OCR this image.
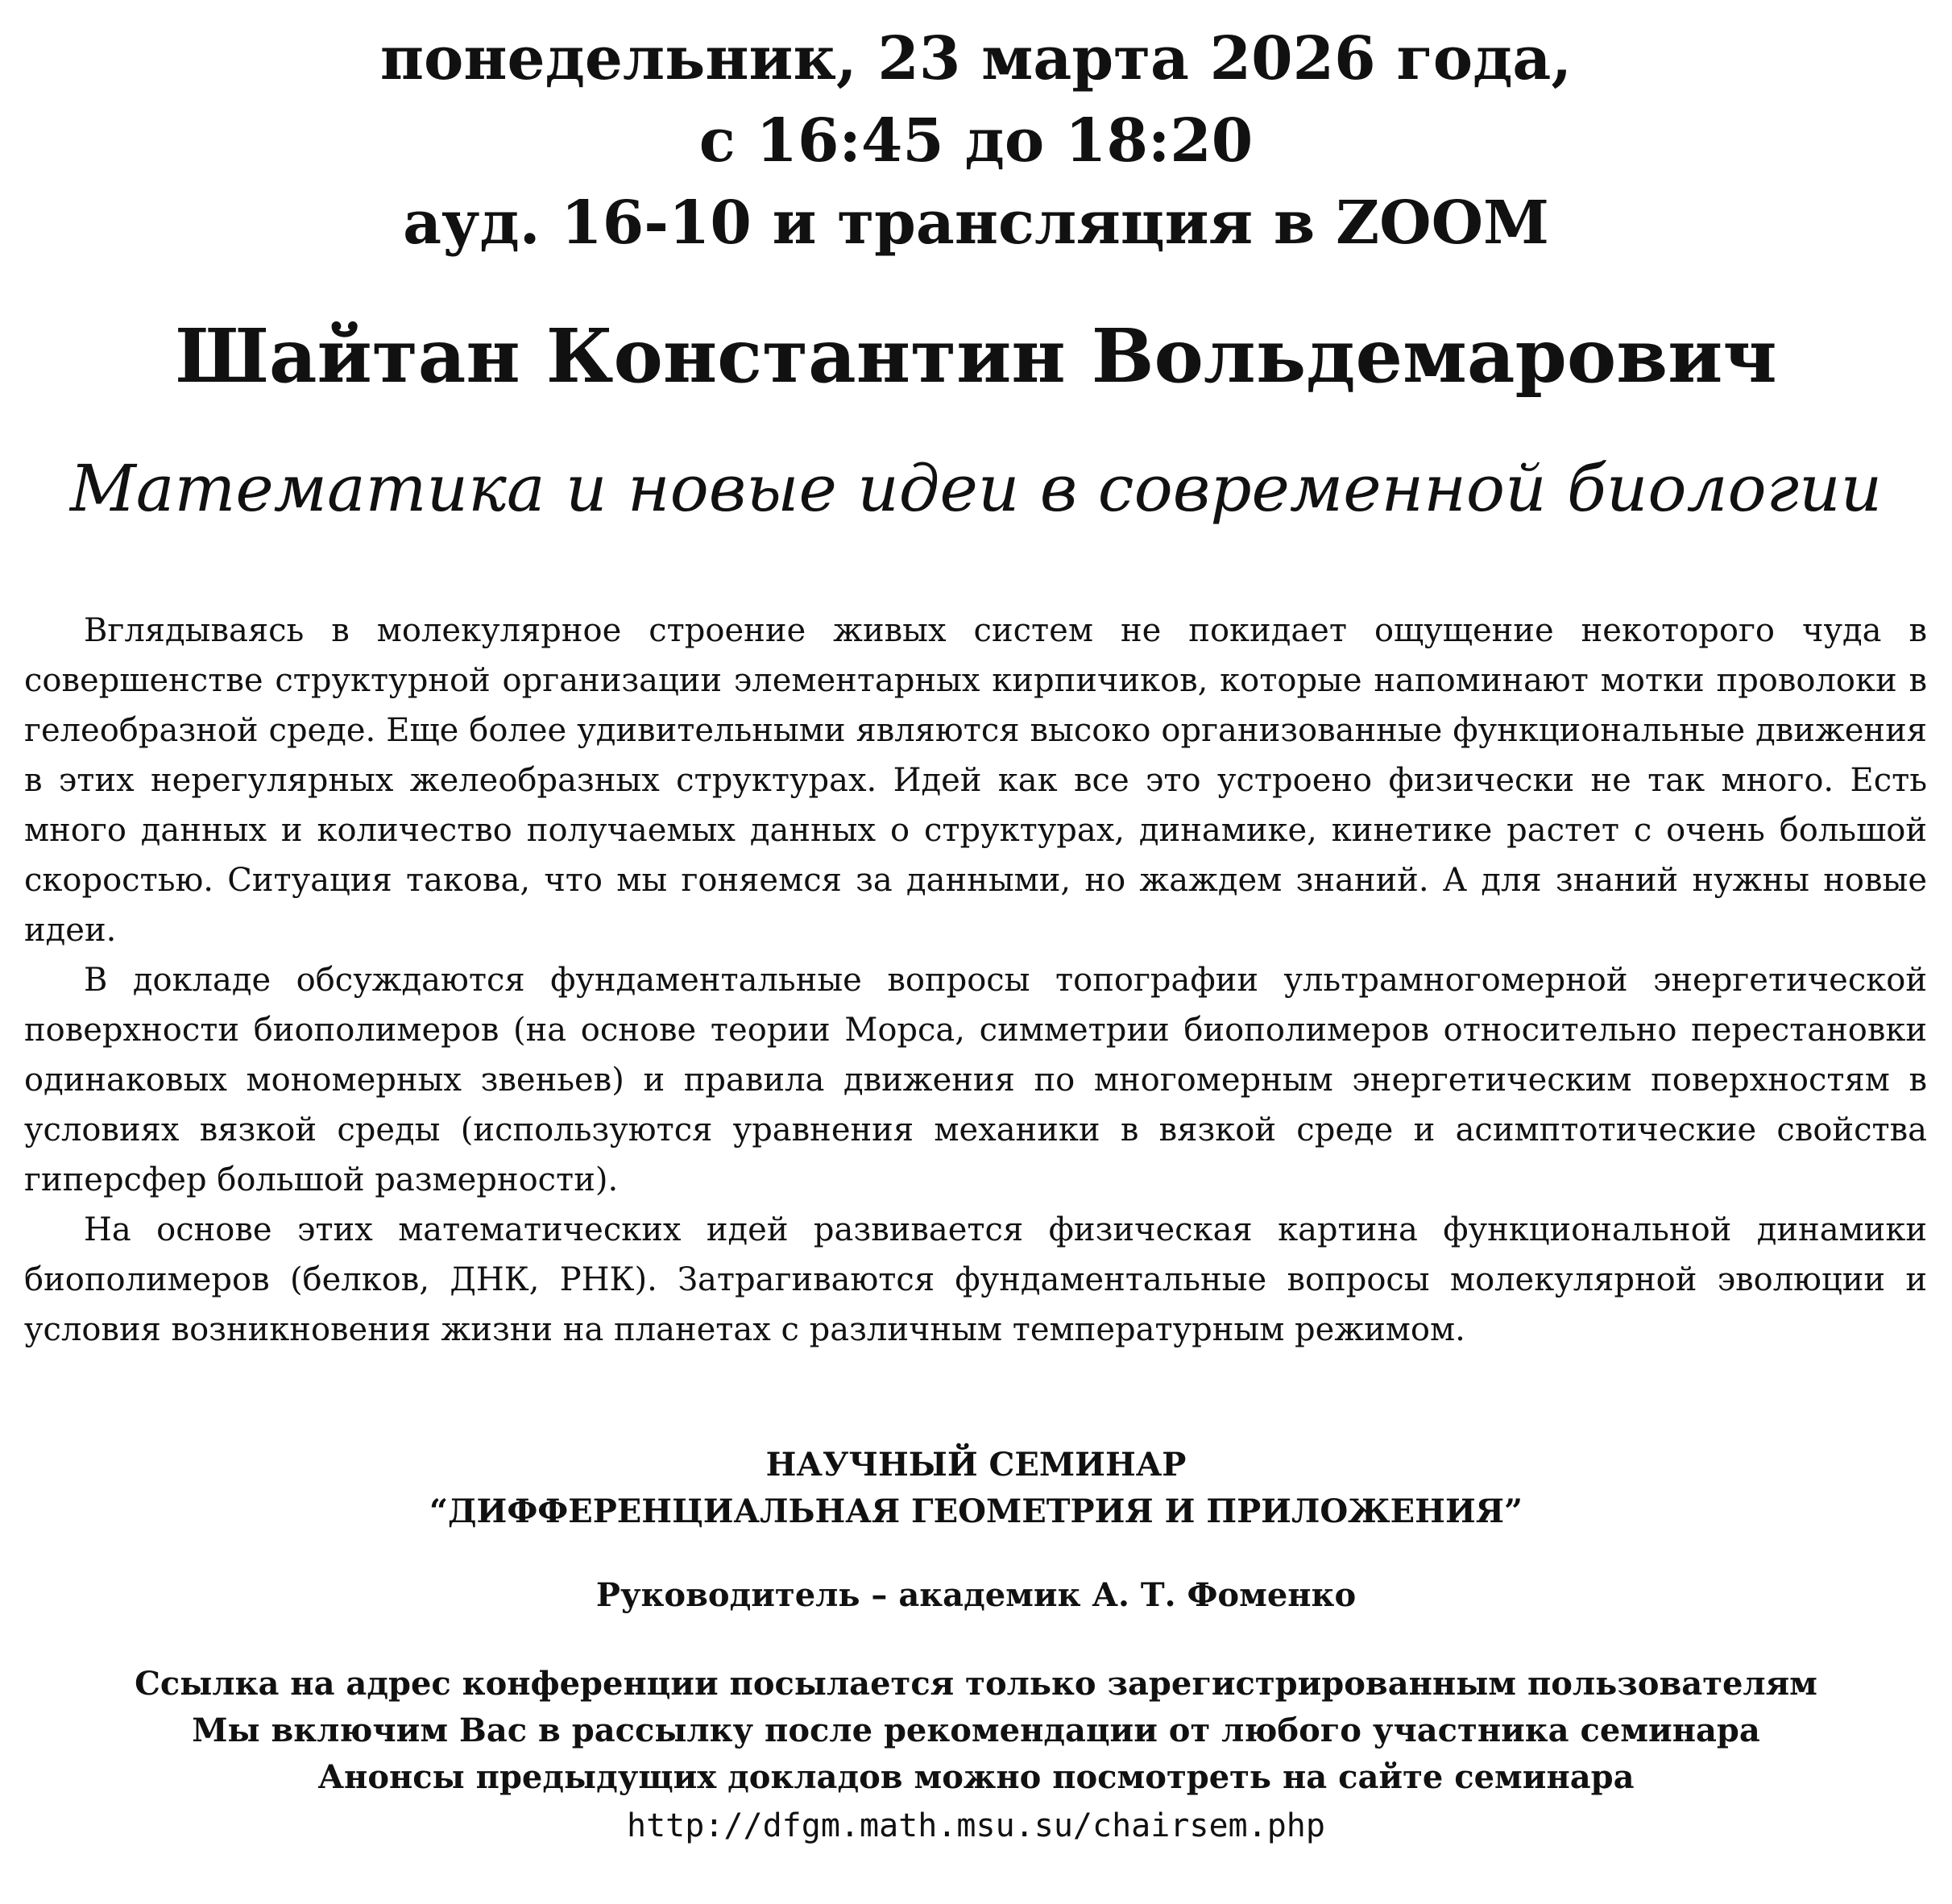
понедельник, 23 марта 2026 года,
с 16:45 до 18:20
ауд. 16-10 и трансляция в ZOOM
Шайтан Константин Вольдемарович
Математика и новые идеи в современной биологии

Вглядываясь в молекулярное строение живых систем не покидает ощущение некоторого чуда в совершенстве структурной организации элементарных кирпичиков, которые напоминают мотки проволоки в гелеобразной среде. Еще более удивительными являются высоко организованные функциональные движения в этих нерегулярных желеобразных структурах. Идей как все это устроено физически не так много. Есть много данных и количество получаемых данных о структурах, динамике, кинетике растет с очень большой скоростью. Ситуация такова, что мы гоняемся за данными, но жаждем знаний. А для знаний нужны новые идеи.

В докладе обсуждаются фундаментальные вопросы топографии ультрамногомерной энергетической поверхности биополимеров (на основе теории Морса, симметрии биополимеров относительно перестановки одинаковых мономерных звеньев) и правила движения по многомерным энергетическим поверхностям в условиях вязкой среды (используются уравнения механики в вязкой среде и асимптотические свойства гиперсфер большой размерности).

На основе этих математических идей развивается физическая картина функциональной динамики биополимеров (белков, ДНК, РНК). Затрагиваются фундаментальные вопросы молекулярной эволюции и условия возникновения жизни на планетах с различным температурным режимом.

НАУЧНЫЙ СЕМИНАР
“ДИФФЕРЕНЦИАЛЬНАЯ ГЕОМЕТРИЯ И ПРИЛОЖЕНИЯ”
Руководитель – академик А. Т. Фоменко
Ссылка на адрес конференции посылается только зарегистрированным пользователям
Мы включим Вас в рассылку после рекомендации от любого участника семинара
Анонсы предыдущих докладов можно посмотреть на сайте семинара
http://dfgm.math.msu.su/chairsem.php
